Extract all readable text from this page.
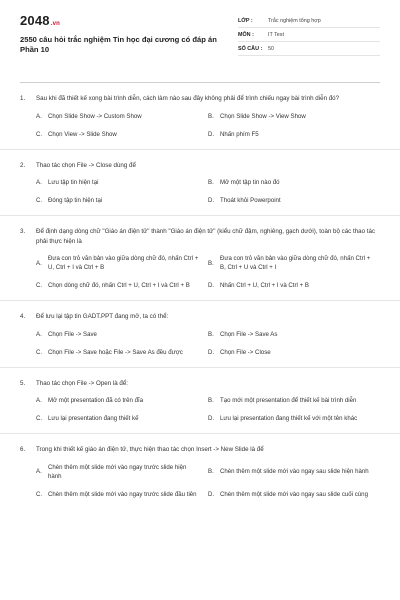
2048.vn
2550 câu hỏi trắc nghiệm Tin học đại cương có đáp án Phần 10
LỚP :	Trắc nghiệm tổng hợp
MÔN :	IT Test
SỐ CÂU :	50
1.	Sau khi đã thiết kế xong bài trình diễn, cách làm nào sau đây không phải để trình chiếu ngay bài trình diễn đó?
A.	Chọn Slide Show -> Custom Show	B.	Chọn Slide Show -> View Show
C. Chọn View -> Slide Show	D. Nhấn phím F5
2.	Thao tác chọn File -> Close dùng để
A.	Lưu tập tin hiện tại	B.	Mở một tập tin nào đó
C. Đóng tập tin hiện tại	D. Thoát khỏi Powerpoint
3.	Để định dạng dòng chữ "Giáo án điện tử" thành "Giáo án điện tử" (kiểu chữ đậm, nghiêng, gạch dưới), toàn bộ các thao tác phải thực hiện là
A.
Đưa con trỏ văn bản vào giữa dòng chữ đó, nhấn Ctrl + U, Ctrl + I và Ctrl + B
B.
Đưa con trỏ văn bản vào giữa dòng chữ đó, nhấn Ctrl + B, Ctrl + U và Ctrl + I
C. Chọn dòng chữ đó, nhấn Ctrl + U, Ctrl + I và Ctrl + B	D. Nhấn Ctrl + U, Ctrl + I và Ctrl + B
4.	Để lưu lại tập tin GADT.PPT đang mở, ta có thể:
A.	Chọn File -> Save	B.	Chọn File -> Save As
C. Chọn File -> Save hoặc File -> Save As đều được	D. Chọn File -> Close
5.	Thao tác chọn File -> Open là để:
A.	Mở một presentation đã có trên đĩa	B.	Tạo mới một presentation để thiết kế bài trình diễn
C. Lưu lại presentation đang thiết kế	D. Lưu lại presentation đang thiết kế với một tên khác
6.	Trong khi thiết kế giáo án điện tử, thực hiện thao tác chọn Insert -> New Slide là để
A.
Chèn thêm một slide mới vào ngay trước slide hiện hành
B.	Chèn thêm một slide mới vào ngay sau slide hiện hành
C. Chèn thêm một slide mới vào ngay trước slide đầu tiên	D. Chèn thêm một slide mới vào ngay sau slide cuối cùng
